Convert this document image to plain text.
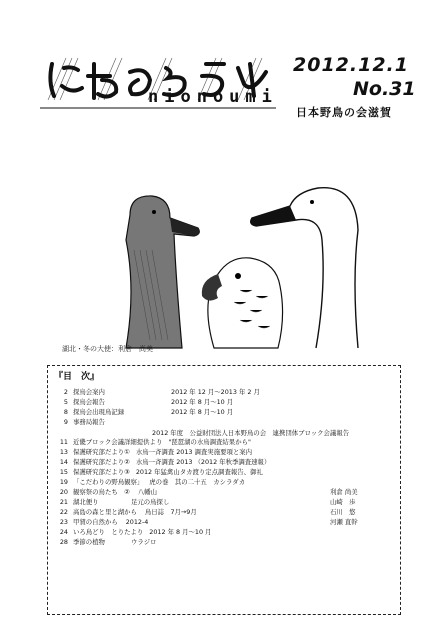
nionoumi
2012.12.1
No.31
日本野鳥の会滋賀
湖北・冬の大使：利倉　尚美
『目　次』
2 探鳥会案内	2012 年 12 月～2013 年 2 月
5 探鳥会報告	2012 年 8 月～10 月
8 探鳥会出現鳥記録	2012 年 8 月～10 月
9 事務局報告
2012 年度　公益財団法人日本野鳥の会　連携団体ブロック会議報告
11 近畿ブロック会議詳細提供より "琵琶湖の水鳥調査結果から"
13 保護研究部だより① 水鳥一斉調査 2013 調査実施要項と案内
14 保護研究部だより② 水鳥一斉調査 2013 （2012 年秋季調査速報）
15 保護研究部だより③ 2012 年猛禽山タカ渡り定点調査報告、御礼
19 「こだわりの野鳥観察」 虎の巻　其の二十五　カシラダカ
20 観察祭の鳥たち　② 八幡山	利倉 尚美
21 湖北便り	足元の鳥探し	山崎　歩
22 高島の森と里と湖から 鳥日誌　7月→9月	石川　悠
23 甲賀の自然から 2012-4	河瀬 直幹
24 いろ鳥どり　とりたより 2012 年 8 月～10 月
28 季節の植物	ウラジロ
